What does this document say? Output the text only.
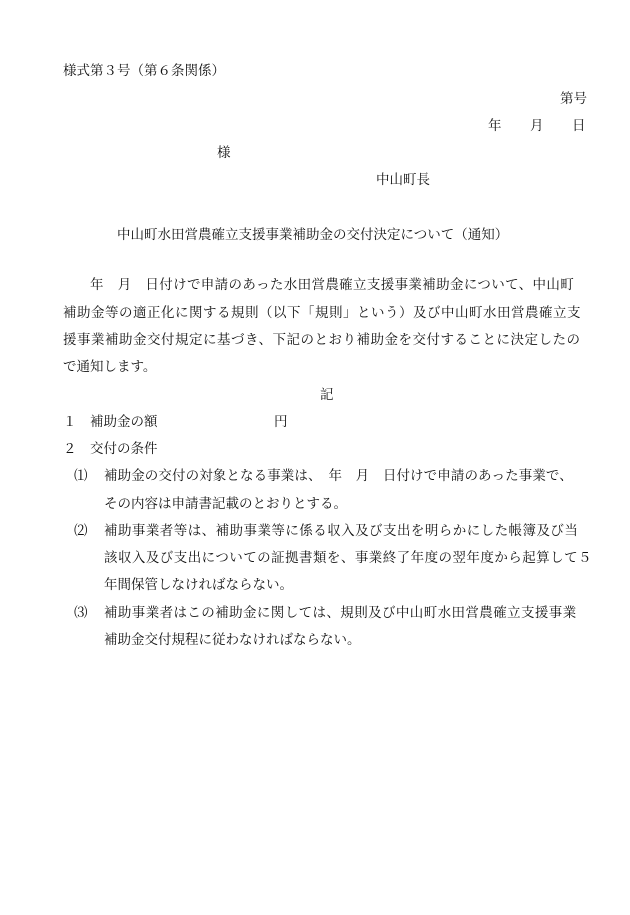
様式第３号（第６条関係）
第号
年 月 日
様
中山町長
中山町水田営農確立支援事業補助金の交付決定について（通知）
年　月　日付けで申請のあった水田営農確立支援事業補助金について、中山町
補助金等の適正化に関する規則（以下「規則」という）及び中山町水田営農確立支
援事業補助金交付規定に基づき、下記のとおり補助金を交付することに決定したの
で通知します。
記
１ 補助金の額	円
２ 交付の条件
⑴ 補助金の交付の対象となる事業は、　年　月　日付けで申請のあった事業で、
その内容は申請書記載のとおりとする。
⑵ 補助事業者等は、補助事業等に係る収入及び支出を明らかにした帳簿及び当
該収入及び支出についての証拠書類を、事業終了年度の翌年度から起算して５
年間保管しなければならない。
⑶ 補助事業者はこの補助金に関しては、規則及び中山町水田営農確立支援事業
補助金交付規程に従わなければならない。
